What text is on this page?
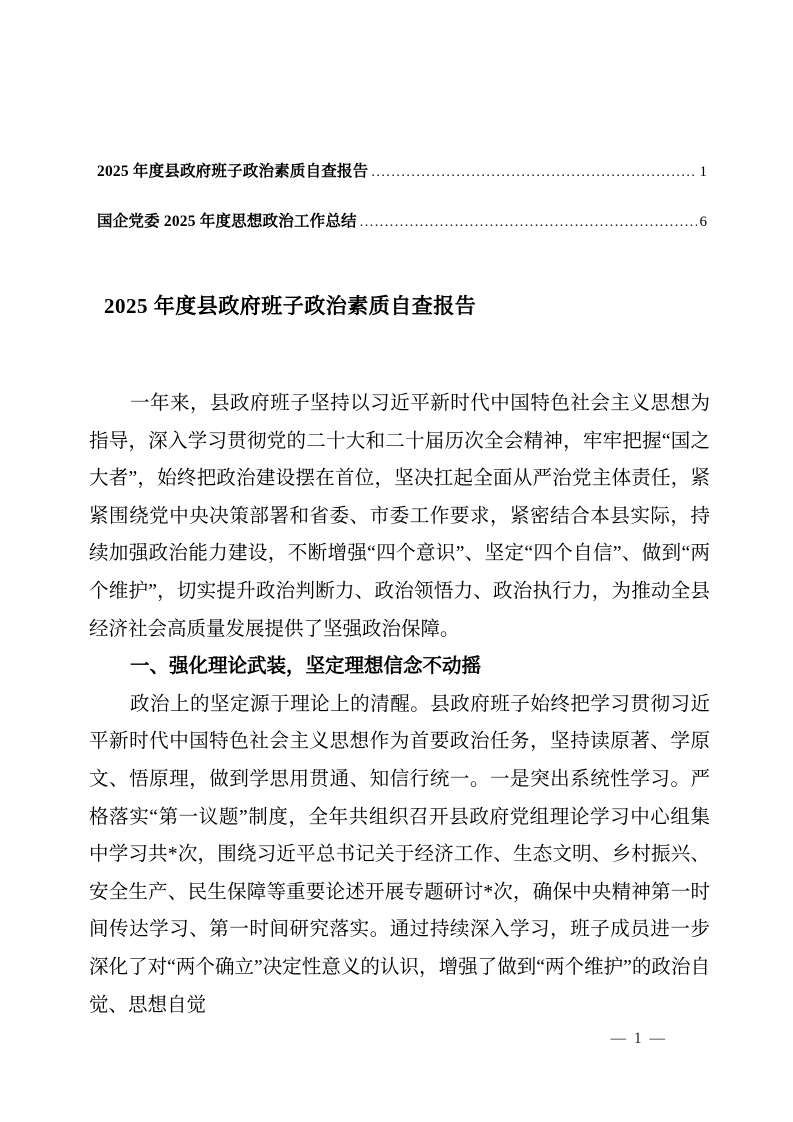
2025 年度县政府班子政治素质自查报告 .....	1
国企党委 2025 年度思想政治工作总结 .....	6
2025 年度县政府班子政治素质自查报告

一年来，县政府班子坚持以习近平新时代中国特色社会主义思想为指导，深入学习贯彻党的二十大和二十届历次全会精神，牢牢把握“国之大者”，始终把政治建设摆在首位，坚决扛起全面从严治党主体责任，紧紧围绕党中央决策部署和省委、市委工作要求，紧密结合本县实际，持续加强政治能力建设，不断增强“四个意识”、坚定“四个自信”、做到“两个维护”，切实提升政治判断力、政治领悟力、政治执行力，为推动全县经济社会高质量发展提供了坚强政治保障。

一、强化理论武装，坚定理想信念不动摇

政治上的坚定源于理论上的清醒。县政府班子始终把学习贯彻习近平新时代中国特色社会主义思想作为首要政治任务，坚持读原著、学原文、悟原理，做到学思用贯通、知信行统一。一是突出系统性学习。严格落实“第一议题”制度，全年共组织召开县政府党组理论学习中心组集中学习共*次，围绕习近平总书记关于经济工作、生态文明、乡村振兴、安全生产、民生保障等重要论述开展专题研讨*次，确保中央精神第一时间传达学习、第一时间研究落实。通过持续深入学习，班子成员进一步深化了对“两个确立”决定性意义的认识，增强了做到“两个维护”的政治自觉、思想自觉

— 1 —
